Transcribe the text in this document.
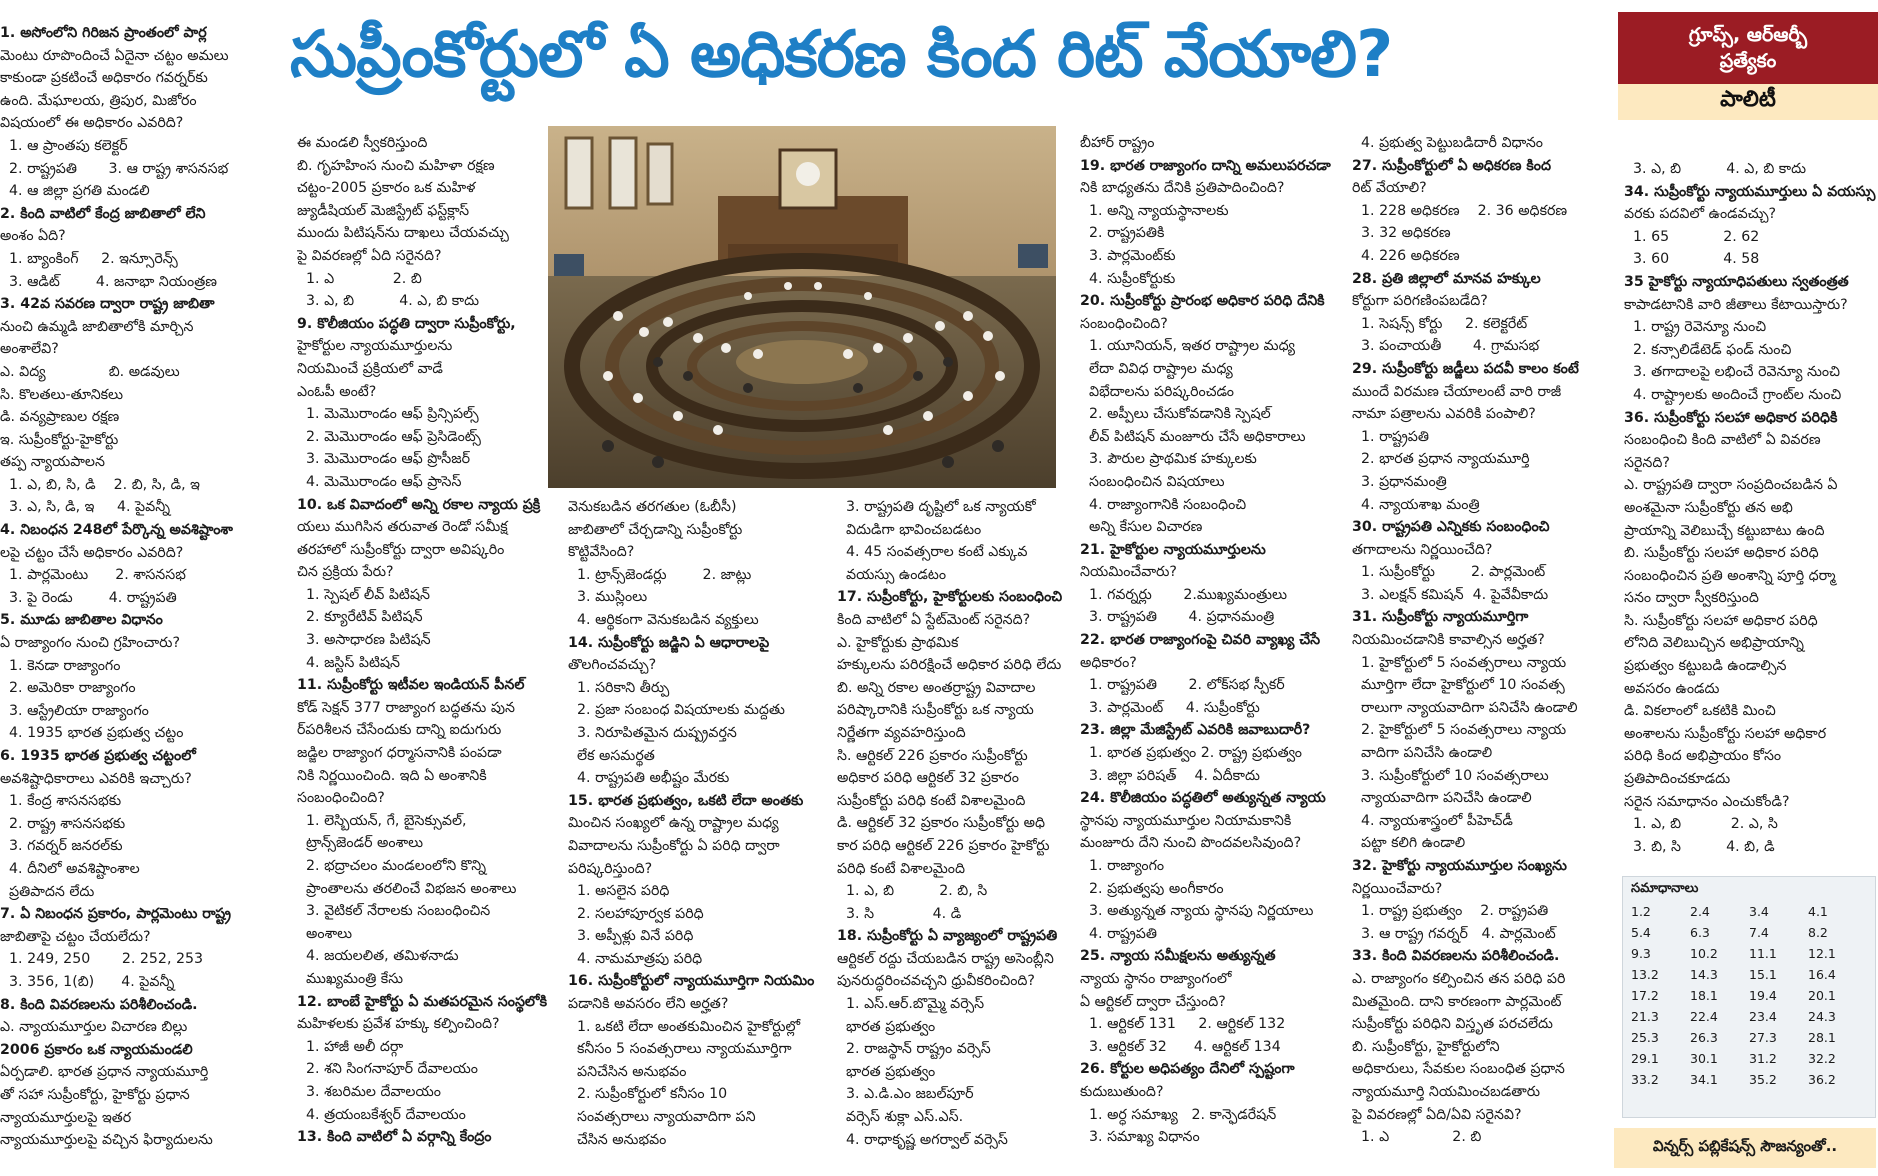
సుప్రీంకోర్టులో ఏ అధికరణ కింద రిట్ వేయాలి?	గ్రూప్స్, ఆర్ఆర్బీ
ప్రత్యేకం
పాలిటీ

1. అసోంలోని గిరిజన ప్రాంతంలో పార్ల

మెంటు రూపొందించే ఏదైనా చట్టం అమలు

కాకుండా ప్రకటించే అధికారం గవర్నర్‌కు

ఉంది. మేఘాలయ, త్రిపుర, మిజోరం

విషయంలో ఈ అధికారం ఎవరిది?

1. ఆ ప్రాంతపు కలెక్టర్

2. రాష్ట్రపతి       3. ఆ రాష్ట్ర శాసనసభ

4. ఆ జిల్లా ప్రగతి మండలి

2. కింది వాటిలో కేంద్ర జాబితాలో లేని

అంశం ఏది?

1. బ్యాంకింగ్     2. ఇన్సూరెన్స్

3. ఆడిట్        4. జనాభా నియంత్రణ

3. 42వ సవరణ ద్వారా రాష్ట్ర జాబితా

నుంచి ఉమ్మడి జాబితాలోకి మార్చిన

అంశాలేవి?

ఎ. విద్య              బి. అడవులు

సి. కొలతలు-తూనికలు

డి. వన్యప్రాణుల రక్షణ

ఇ. సుప్రీంకోర్టు-హైకోర్టు

తప్ప న్యాయపాలన

1. ఎ, బి, సి, డి    2. బి, సి, డి, ఇ

3. ఎ, సి, డి, ఇ     4. పైవన్నీ

4. నిబంధన 248లో పేర్కొన్న అవశిష్టాంశా

లపై చట్టం చేసే అధికారం ఎవరిది?

1. పార్లమెంటు      2. శాసనసభ

3. పై రెండు        4. రాష్ట్రపతి

5. మూడు జాబితాల విధానం

ఏ రాజ్యాంగం నుంచి గ్రహించారు?

1. కెనడా రాజ్యాంగం

2. అమెరికా రాజ్యాంగం

3. ఆస్ట్రేలియా రాజ్యాంగం

4. 1935 భారత ప్రభుత్వ చట్టం

6. 1935 భారత ప్రభుత్వ చట్టంలో

అవశిష్టాధికారాలు ఎవరికి ఇచ్చారు?

1. కేంద్ర శాసనసభకు

2. రాష్ట్ర శాసనసభకు

3. గవర్నర్ జనరల్‌కు

4. దీనిలో అవశిష్టాంశాల

ప్రతిపాదన లేదు

7. ఏ నిబంధన ప్రకారం, పార్లమెంటు రాష్ట్ర

జాబితాపై చట్టం చేయలేదు?

1. 249, 250       2. 252, 253

3. 356, 1(బి)      4. పైవన్నీ

8. కింది వివరణలను పరిశీలించండి.

ఎ. న్యాయమూర్తుల విచారణ బిల్లు

2006 ప్రకారం ఒక న్యాయమండలి

ఏర్పడాలి. భారత ప్రధాన న్యాయమూర్తి

తో సహా సుప్రీంకోర్టు, హైకోర్టు ప్రధాన

న్యాయమూర్తులపై ఇతర

న్యాయమూర్తులపై వచ్చిన ఫిర్యాదులను

ఈ మండలి స్వీకరిస్తుంది

బి. గృహహింస నుంచి మహిళా రక్షణ

చట్టం-2005 ప్రకారం ఒక మహిళ

జ్యుడీషియల్ మెజిస్ట్రేట్ ఫస్ట్‌క్లాస్

ముందు పిటిషన్‌ను దాఖలు చేయవచ్చు

పై వివరణల్లో ఏది సరైనది?

1. ఎ             2. బి

3. ఎ, బి          4. ఎ, బి కాదు

9. కొలీజియం పద్ధతి ద్వారా సుప్రీంకోర్టు,

హైకోర్టుల న్యాయమూర్తులను

నియమించే ప్రక్రియలో వాడే

ఎంఓపీ అంటే?

1. మెమొరాండం ఆఫ్ ప్రిన్సిపల్స్

2. మెమొరాండం ఆఫ్ ప్రెసిడెంట్స్

3. మెమొరాండం ఆఫ్ ప్రొసీజర్

4. మెమొరాండం ఆఫ్ ప్రాసెస్

10. ఒక వివాదంలో అన్ని రకాల న్యాయ ప్రక్రి

యలు ముగిసిన తరువాత రెండో సమీక్ష

తరహాలో సుప్రీంకోర్టు ద్వారా అవిష్కరిం

చిన ప్రక్రియ పేరు?

1. స్పెషల్ లీవ్ పిటిషన్

2. క్యూరేటివ్ పిటిషన్

3. అసాధారణ పిటిషన్

4. జస్టిస్ పిటిషన్

11. సుప్రీంకోర్టు ఇటీవల ఇండియన్ పీనల్

కోడ్ సెక్షన్ 377 రాజ్యాంగ బద్ధతను పున

ర్‌పరిశీలన చేసేందుకు దాన్ని ఐదుగురు

జడ్జిల రాజ్యాంగ ధర్మాసనానికి పంపడా

నికి నిర్ణయించింది. ఇది ఏ అంశానికి

సంబంధించింది?

1. లెస్బియన్, గే, బైసెక్సువల్,

ట్రాన్స్‌జెండర్ అంశాలు

2. భద్రాచలం మండలంలోని కొన్ని

ప్రాంతాలను తరలించే విభజన అంశాలు

3. వైటికల్ నేరాలకు సంబంధించిన

అంశాలు

4. జయలలిత, తమిళనాడు

ముఖ్యమంత్రి కేసు

12. బాంబే హైకోర్టు ఏ మతపరమైన సంస్థలోకి

మహిళలకు ప్రవేశ హక్కు కల్పించింది?

1. హాజీ అలీ దర్గా

2. శని సింగనాపూర్ దేవాలయం

3. శబరిమల దేవాలయం

4. త్రయంబకేశ్వర్ దేవాలయం

13. కింది వాటిలో ఏ వర్గాన్ని కేంద్రం

వెనుకబడిన తరగతుల (ఓబీసీ)

జాబితాలో చేర్చడాన్ని సుప్రీంకోర్టు

కొట్టివేసింది?

1. ట్రాన్స్‌జెండర్లు        2. జాట్లు

3. ముస్లింలు

4. ఆర్థికంగా వెనుకబడిన వ్యక్తులు

14. సుప్రీంకోర్టు జడ్జిని ఏ ఆధారాలపై

తొలగించవచ్చు?

1. సరికాని తీర్పు

2. ప్రజా సంబంధ విషయాలకు మద్దతు

3. నిరూపితమైన దుష్ప్రవర్తన

లేక అసమర్థత

4. రాష్ట్రపతి అభీష్టం మేరకు

15. భారత ప్రభుత్వం, ఒకటి లేదా అంతకు

మించిన సంఖ్యలో ఉన్న రాష్ట్రాల మధ్య

వివాదాలను సుప్రీంకోర్టు ఏ పరిధి ద్వారా

పరిష్కరిస్తుంది?

1. అసలైన పరిధి

2. సలహాపూర్వక పరిధి

3. అప్పీళ్లు వినే పరిధి

4. నామమాత్రపు పరిధి

16. సుప్రీంకోర్టులో న్యాయమూర్తిగా నియమిం

పడానికి అవసరం లేని అర్హత?

1. ఒకటి లేదా అంతకుమించిన హైకోర్టుల్లో

కనీసం 5 సంవత్సరాలు న్యాయమూర్తిగా

పనిచేసిన అనుభవం

2. సుప్రీంకోర్టులో కనీసం 10

సంవత్సరాలు న్యాయవాదిగా పని

చేసిన అనుభవం

3. రాష్ట్రపతి దృష్టిలో ఒక న్యాయకో

విదుడిగా భావించబడటం

4. 45 సంవత్సరాల కంటే ఎక్కువ

వయస్సు ఉండటం

17. సుప్రీంకోర్టు, హైకోర్టులకు సంబంధించి

కింది వాటిలో ఏ స్టేట్‌మెంట్ సరైనది?

ఎ. హైకోర్టుకు ప్రాథమిక

హక్కులను పరిరక్షించే అధికార పరిధి లేదు

బి. అన్ని రకాల అంతర్రాష్ట్ర వివాదాల

పరిష్కారానికి సుప్రీంకోర్టు ఒక న్యాయ

నిర్ణేతగా వ్యవహరిస్తుంది

సి. ఆర్టికల్ 226 ప్రకారం సుప్రీంకోర్టు

అధికార పరిధి ఆర్టికల్ 32 ప్రకారం

సుప్రీంకోర్టు పరిధి కంటే విశాలమైంది

డి. ఆర్టికల్ 32 ప్రకారం సుప్రీంకోర్టు అధి

కార పరిధి ఆర్టికల్ 226 ప్రకారం హైకోర్టు

పరిధి కంటే విశాలమైంది

1. ఎ, బి          2. బి, సి

3. సి             4. డి

18. సుప్రీంకోర్టు ఏ వ్యాజ్యంలో రాష్ట్రపతి

ఆర్టికల్ రద్దు చేయబడిన రాష్ట్ర అసెంబ్లీని

పునరుద్ధరించవచ్చని ధ్రువీకరించింది?

1. ఎస్.ఆర్.బొమ్మై వర్సెస్

భారత ప్రభుత్వం

2. రాజస్థాన్ రాష్ట్రం వర్సెస్

భారత ప్రభుత్వం

3. ఎ.డి.ఎం జబల్‌పూర్

వర్సెస్ శుక్లా ఎస్.ఎస్.

4. రాధాకృష్ణ అగర్వాల్ వర్సెస్

బీహార్ రాష్ట్రం

19. భారత రాజ్యాంగం దాన్ని అమలుపరచడా

నికి బాధ్యతను దేనికి ప్రతిపాదించింది?

1. అన్ని న్యాయస్థానాలకు

2. రాష్ట్రపతికి

3. పార్లమెంట్‌కు

4. సుప్రీంకోర్టుకు

20. సుప్రీంకోర్టు ప్రారంభ అధికార పరిధి దేనికి

సంబంధించింది?

1. యూనియన్, ఇతర రాష్ట్రాల మధ్య

లేదా వివిధ రాష్ట్రాల మధ్య

విభేదాలను పరిష్కరించడం

2. అప్పీలు చేసుకోవడానికి స్పెషల్

లీవ్ పిటిషన్ మంజూరు చేసే అధికారాలు

3. పౌరుల ప్రాథమిక హక్కులకు

సంబంధించిన విషయాలు

4. రాజ్యాంగానికి సంబంధించి

అన్ని కేసుల విచారణ

21. హైకోర్టుల న్యాయమూర్తులను

నియమించేవారు?

1. గవర్నర్లు       2.ముఖ్యమంత్రులు

3. రాష్ట్రపతి       4. ప్రధానమంత్రి

22. భారత రాజ్యాంగంపై చివరి వ్యాఖ్య చేసే

అధికారం?

1. రాష్ట్రపతి       2. లోక్‌సభ స్పీకర్

3. పార్లమెంట్     4. సుప్రీంకోర్టు

23. జిల్లా మేజిస్ట్రేట్ ఎవరికి జవాబుదారీ?

1. భారత ప్రభుత్వం 2. రాష్ట్ర ప్రభుత్వం

3. జిల్లా పరిషత్    4. ఏదీకాదు

24. కొలీజియం పద్ధతిలో అత్యున్నత న్యాయ

స్థానపు న్యాయమూర్తుల నియామకానికి

మంజూరు దేని నుంచి పొందవలసివుంది?

1. రాజ్యాంగం

2. ప్రభుత్వపు అంగీకారం

3. అత్యున్నత న్యాయ స్థానపు నిర్ణయాలు

4. రాష్ట్రపతి

25. న్యాయ సమీక్షలను అత్యున్నత

న్యాయ స్థానం రాజ్యాంగంలో

ఏ ఆర్టికల్ ద్వారా చేస్తుంది?

1. ఆర్టికల్ 131     2. ఆర్టికల్ 132

3. ఆర్టికల్ 32      4. ఆర్టికల్ 134

26. కోర్టుల అధిపత్యం దేనిలో స్పష్టంగా

కుదుబుతుంది?

1. అర్ధ సమాఖ్య   2. కాన్ఫెడరేషన్

3. సమాఖ్య విధానం

4. ప్రభుత్వ పెట్టుబడిదారీ విధానం

27. సుప్రీంకోర్టులో ఏ అధికరణ కింద

రిట్ వేయాలి?

1. 228 అధికరణ    2. 36 అధికరణ

3. 32 అధికరణ

4. 226 అధికరణ

28. ప్రతి జిల్లాలో మానవ హక్కుల

కోర్టుగా పరిగణింపబడేది?

1. సెషన్స్ కోర్టు     2. కలెక్టరేట్

3. పంచాయతీ       4. గ్రామసభ

29. సుప్రీంకోర్టు జడ్జీలు పదవీ కాలం కంటే

ముందే విరమణ చేయాలంటే వారి రాజీ

నామా పత్రాలను ఎవరికి పంపాలి?

1. రాష్ట్రపతి

2. భారత ప్రధాన న్యాయమూర్తి

3. ప్రధానమంత్రి

4. న్యాయశాఖ మంత్రి

30. రాష్ట్రపతి ఎన్నికకు సంబంధించి

తగాదాలను నిర్ణయించేది?

1. సుప్రీంకోర్టు        2. పార్లమెంట్

3. ఎలక్షన్ కమిషన్  4. పైవేవీకాదు

31. సుప్రీంకోర్టు న్యాయమూర్తిగా

నియమించడానికి కావాల్సిన అర్హత?

1. హైకోర్టులో 5 సంవత్సరాలు న్యాయ

మూర్తిగా లేదా హైకోర్టులో 10 సంవత్స

రాలుగా న్యాయవాదిగా పనిచేసి ఉండాలి

2. హైకోర్టులో 5 సంవత్సరాలు న్యాయ

వాదిగా పనిచేసి ఉండాలి

3. సుప్రీంకోర్టులో 10 సంవత్సరాలు

న్యాయవాదిగా పనిచేసి ఉండాలి

4. న్యాయశాస్త్రంలో పీహెచ్‌డీ

పట్టా కలిగి ఉండాలి

32. హైకోర్టు న్యాయమూర్తుల సంఖ్యను

నిర్ణయించేవారు?

1. రాష్ట్ర ప్రభుత్వం    2. రాష్ట్రపతి

3. ఆ రాష్ట్ర గవర్నర్   4. పార్లమెంట్

33. కింది వివరణలను పరిశీలించండి.

ఎ. రాజ్యాంగం కల్పించిన తన పరిధి పరి

మితమైంది. దాని కారణంగా పార్లమెంట్

సుప్రీంకోర్టు పరిధిని విస్తృత పరచలేదు

బి. సుప్రీంకోర్టు, హైకోర్టులోని

అధికారులు, సేవకుల సంబంధిత ప్రధాన

న్యాయమూర్తి నియమించబడతారు

పై వివరణల్లో ఏది/ఏవి సరైనవి?

1. ఎ              2. బి

3. ఎ, బి          4. ఎ, బి కాదు

34. సుప్రీంకోర్టు న్యాయమూర్తులు ఏ వయస్సు

వరకు పదవిలో ఉండవచ్చు?

1. 65            2. 62

3. 60            4. 58

35 హైకోర్టు న్యాయాధిపతులు స్వతంత్రత

కాపాడటానికి వారి జీతాలు కేటాయిస్తారు?

1. రాష్ట్ర రెవెన్యూ నుంచి

2. కన్సాలిడేటెడ్ ఫండ్ నుంచి

3. తగాదాలపై లభించే రెవెన్యూ నుంచి

4. రాష్ట్రాలకు అందించే గ్రాంట్‌ల నుంచి

36. సుప్రీంకోర్టు సలహా అధికార పరిధికి

సంబంధించి కింది వాటిలో ఏ వివరణ

సరైనది?

ఎ. రాష్ట్రపతి ద్వారా సంప్రదించబడిన ఏ

అంశమైనా సుప్రీంకోర్టు తన అభి

ప్రాయాన్ని వెలిబుచ్చే కట్టుబాటు ఉంది

బి. సుప్రీంకోర్టు సలహా అధికార పరిధి

సంబంధించిన ప్రతి అంశాన్ని పూర్తి ధర్మా

సనం ద్వారా స్వీకరిస్తుంది

సి. సుప్రీంకోర్టు సలహా అధికార పరిధి

లోనిది వెలిబుచ్చిన అభిప్రాయాన్ని

ప్రభుత్వం కట్టుబడి ఉండాల్సిన

అవసరం ఉండదు

డి. వికలాంలో ఒకటికి మించి

అంశాలను సుప్రీంకోర్టు సలహా అధికార

పరిధి కింద అభిప్రాయం కోసం

ప్రతిపాదించకూడదు

సరైన సమాధానం ఎంచుకోండి?

1. ఎ, బి           2. ఎ, సి

3. బి, సి          4. బి, డి

సమాధానాలు
1.2	2.4	3.4	4.1
5.4	6.3	7.4	8.2
9.3	10.2	11.1	12.1
13.2	14.3	15.1	16.4
17.2	18.1	19.4	20.1
21.3	22.4	23.4	24.3
25.3	26.3	27.3	28.1
29.1	30.1	31.2	32.2
33.2	34.1	35.2	36.2
విన్నర్స్ పబ్లికేషన్స్ సౌజన్యంతో..
